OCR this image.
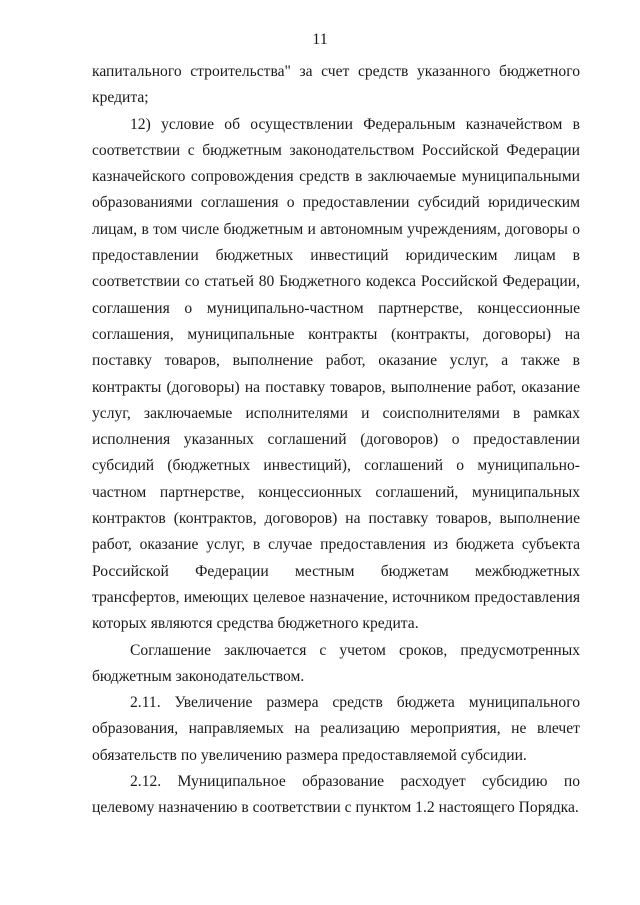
11

капитального строительства" за счет средств указанного бюджетного кредита;

12) условие об осуществлении Федеральным казначейством в соответствии с бюджетным законодательством Российской Федерации казначейского сопровождения средств в заключаемые муниципальными образованиями соглашения о предоставлении субсидий юридическим лицам, в том числе бюджетным и автономным учреждениям, договоры о предоставлении бюджетных инвестиций юридическим лицам в соответствии со статьей 80 Бюджетного кодекса Российской Федерации, соглашения о муниципально-частном партнерстве, концессионные соглашения, муниципальные контракты (контракты, договоры) на поставку товаров, выполнение работ, оказание услуг, а также в контракты (договоры) на поставку товаров, выполнение работ, оказание услуг, заключаемые исполнителями и соисполнителями в рамках исполнения указанных соглашений (договоров) о предоставлении субсидий (бюджетных инвестиций), соглашений о муниципально-частном партнерстве, концессионных соглашений, муниципальных контрактов (контрактов, договоров) на поставку товаров, выполнение работ, оказание услуг, в случае предоставления из бюджета субъекта Российской Федерации местным бюджетам межбюджетных трансфертов, имеющих целевое назначение, источником предоставления которых являются средства бюджетного кредита.

Соглашение заключается с учетом сроков, предусмотренных бюджетным законодательством.

2.11. Увеличение размера средств бюджета муниципального образования, направляемых на реализацию мероприятия, не влечет обязательств по увеличению размера предоставляемой субсидии.

2.12. Муниципальное образование расходует субсидию по целевому назначению в соответствии с пунктом 1.2 настоящего Порядка.
